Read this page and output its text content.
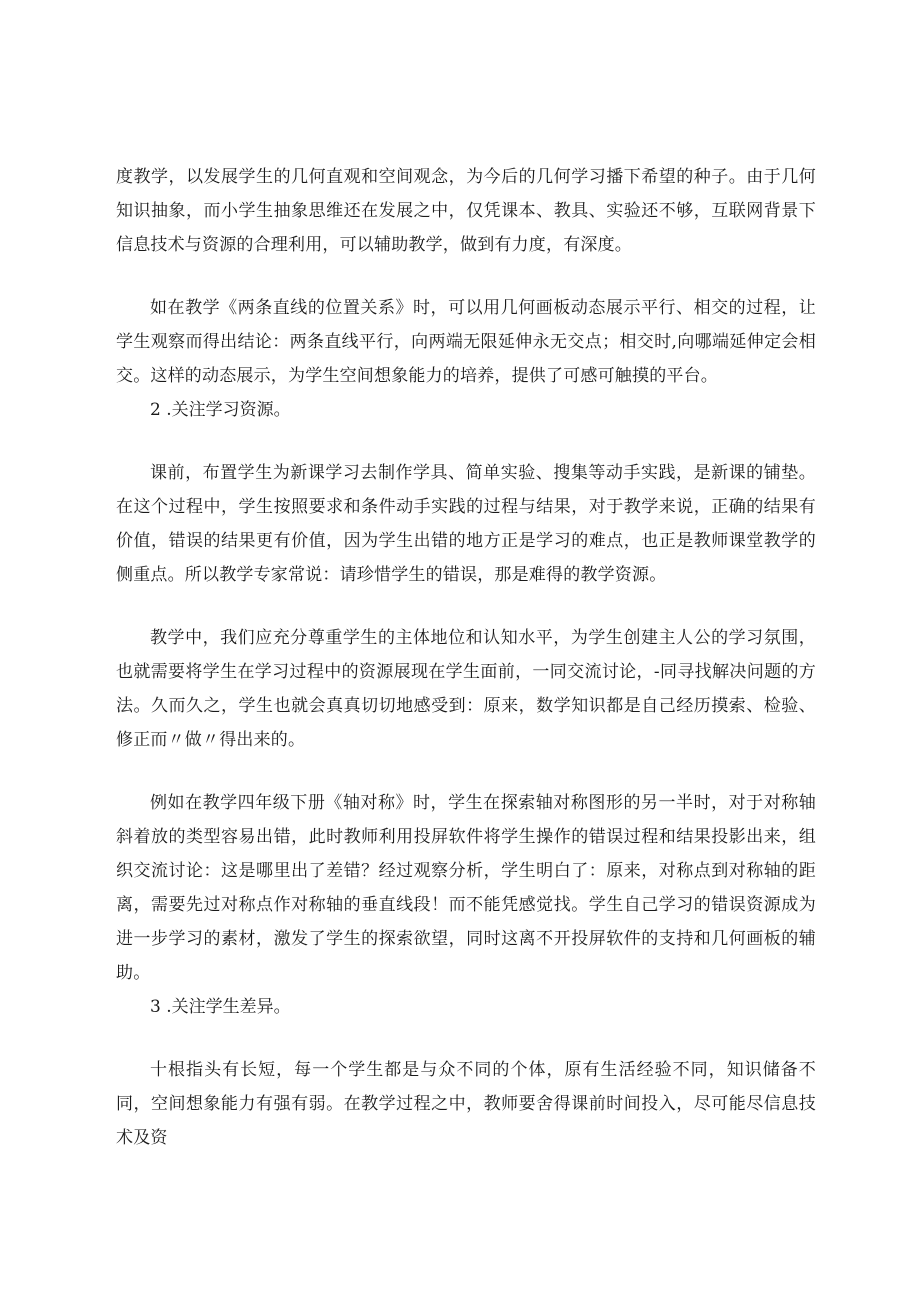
度教学，以发展学生的几何直观和空间观念，为今后的几何学习播下希望的种子。由于几何知识抽象，而小学生抽象思维还在发展之中，仅凭课本、教具、实验还不够，互联网背景下信息技术与资源的合理利用，可以辅助教学，做到有力度，有深度。

如在教学《两条直线的位置关系》时，可以用几何画板动态展示平行、相交的过程，让学生观察而得出结论：两条直线平行，向两端无限延伸永无交点；相交时,向哪端延伸定会相交。这样的动态展示，为学生空间想象能力的培养，提供了可感可触摸的平台。

2 .关注学习资源。

课前，布置学生为新课学习去制作学具、简单实验、搜集等动手实践，是新课的铺垫。在这个过程中，学生按照要求和条件动手实践的过程与结果，对于教学来说，正确的结果有价值，错误的结果更有价值，因为学生出错的地方正是学习的难点，也正是教师课堂教学的侧重点。所以教学专家常说：请珍惜学生的错误，那是难得的教学资源。

教学中，我们应充分尊重学生的主体地位和认知水平，为学生创建主人公的学习氛围，也就需要将学生在学习过程中的资源展现在学生面前，一同交流讨论，-同寻找解决问题的方法。久而久之，学生也就会真真切切地感受到：原来，数学知识都是自己经历摸索、检验、修正而〃做〃得出来的。

例如在教学四年级下册《轴对称》时，学生在探索轴对称图形的另一半时，对于对称轴斜着放的类型容易出错，此时教师利用投屏软件将学生操作的错误过程和结果投影出来，组织交流讨论：这是哪里出了差错？经过观察分析，学生明白了：原来，对称点到对称轴的距离，需要先过对称点作对称轴的垂直线段！而不能凭感觉找。学生自己学习的错误资源成为进一步学习的素材，激发了学生的探索欲望，同时这离不开投屏软件的支持和几何画板的辅助。

3 .关注学生差异。

十根指头有长短，每一个学生都是与众不同的个体，原有生活经验不同，知识储备不同，空间想象能力有强有弱。在教学过程之中，教师要舍得课前时间投入，尽可能尽信息技术及资
